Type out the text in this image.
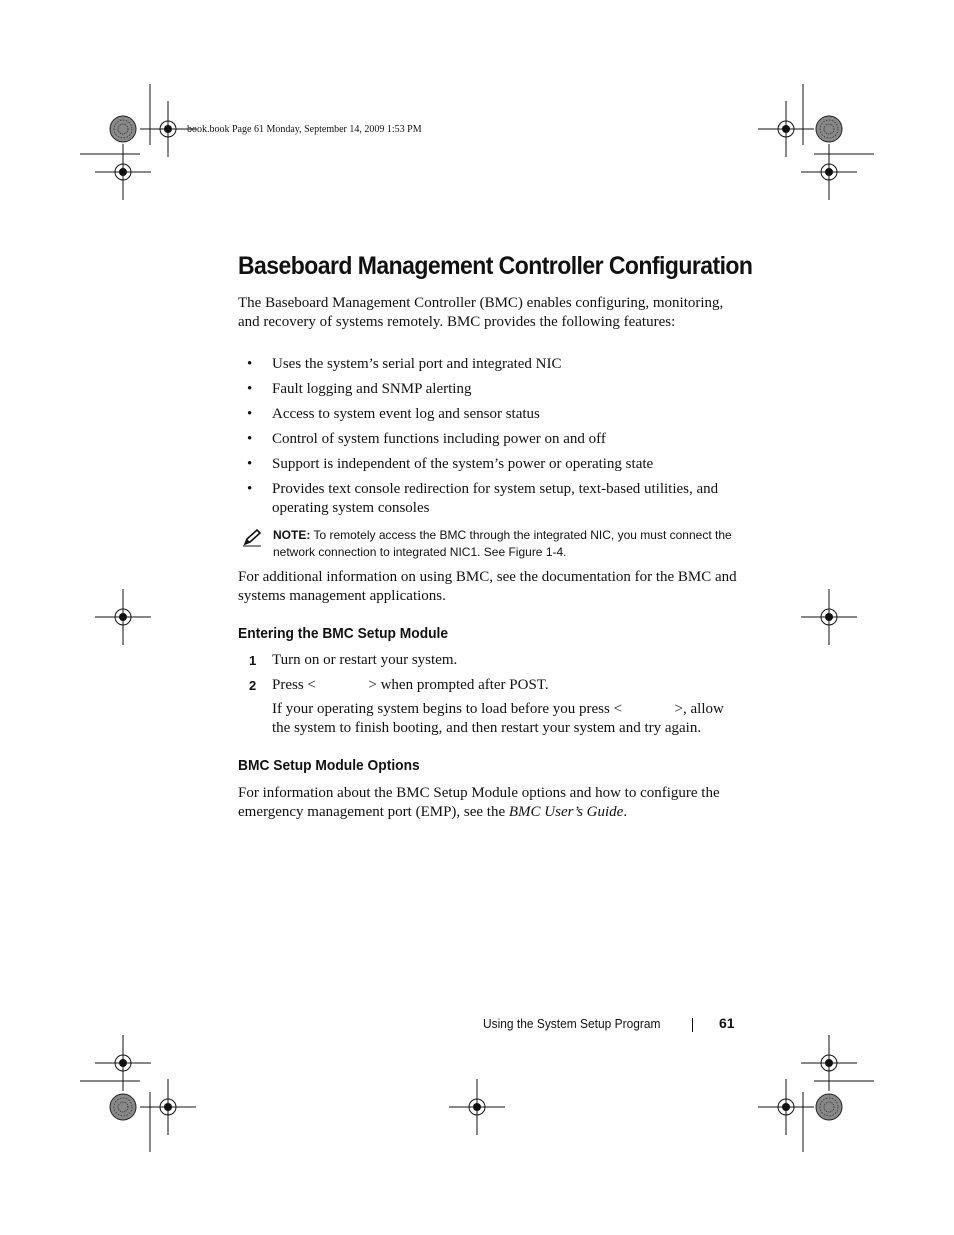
book.book Page 61 Monday, September 14, 2009 1:53 PM
Baseboard Management Controller Configuration

The Baseboard Management Controller (BMC) enables configuring, monitoring, and recovery of systems remotely. BMC provides the following features:

• Uses the system’s serial port and integrated NIC
• Fault logging and SNMP alerting
• Access to system event log and sensor status
• Control of system functions including power on and off
• Support is independent of the system’s power or operating state
• Provides text console redirection for system setup, text-based utilities, and operating system consoles
NOTE: To remotely access the BMC through the integrated NIC, you must connect the network connection to integrated NIC1. See Figure 1-4.

For additional information on using BMC, see the documentation for the BMC and systems management applications.

Entering the BMC Setup Module
1 Turn on or restart your system.
2 Press <              > when prompted after POST.
If your operating system begins to load before you press <              >, allow the system to finish booting, and then restart your system and try again.
BMC Setup Module Options

For information about the BMC Setup Module options and how to configure the emergency management port (EMP), see the BMC User’s Guide.

Using the System Setup Program	61
